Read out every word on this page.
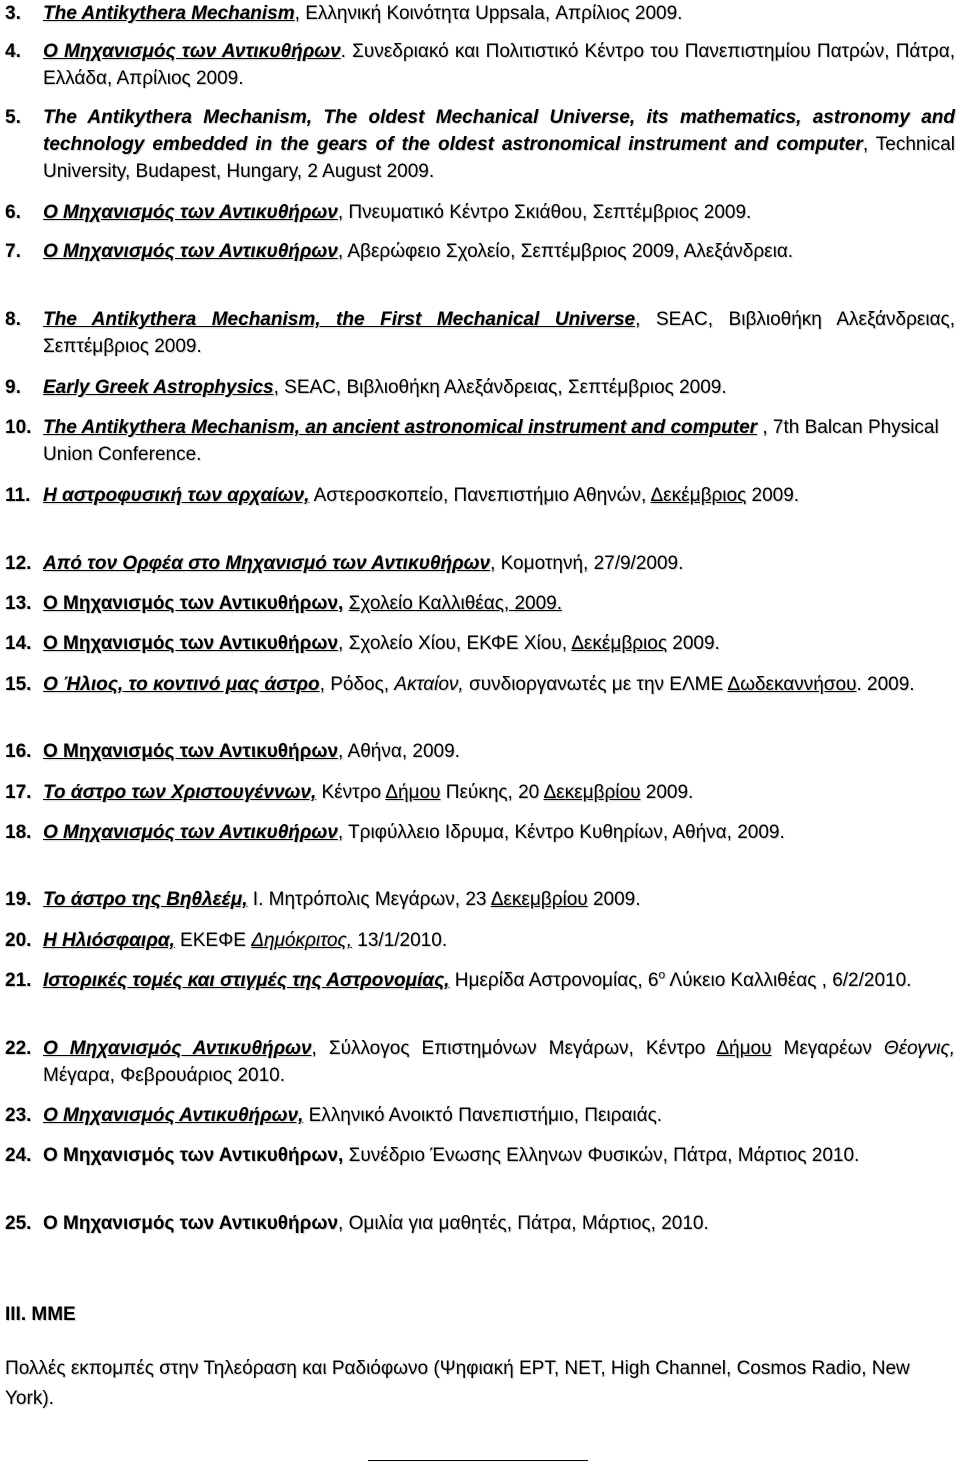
3. The Antikythera Mechanism, Ελληνική Κοινότητα Uppsala, Απρίλιος 2009.
4. Ο Μηχανισμός των Αντικυθήρων. Συνεδριακό και Πολιτιστικό Κέντρο του Πανεπιστημίου Πατρών, Πάτρα, Ελλάδα, Απρίλιος 2009.
5. The Antikythera Mechanism, The oldest Mechanical Universe, its mathematics, astronomy and technology embedded in the gears of the oldest astronomical instrument and computer, Technical University, Budapest, Hungary, 2 August 2009.
6. Ο Μηχανισμός των Αντικυθήρων, Πνευματικό Κέντρο Σκιάθου, Σεπτέμβριος 2009.
7. Ο Μηχανισμός των Αντικυθήρων, Αβερώφειο Σχολείο, Σεπτέμβριος 2009, Αλεξάνδρεια.
8. The Antikythera Mechanism, the First Mechanical Universe, SEAC, Βιβλιοθήκη Αλεξάνδρειας, Σεπτέμβριος 2009.
9. Early Greek Astrophysics, SEAC, Βιβλιοθήκη Αλεξάνδρειας, Σεπτέμβριος 2009.
10. The Antikythera Mechanism, an ancient astronomical instrument and computer , 7th Balcan Physical Union Conference.
11. Η αστροφυσική των αρχαίων, Αστεροσκοπείο, Πανεπιστήμιο Αθηνών, Δεκέμβριος 2009.
12. Από τον Ορφέα στο Μηχανισμό των Αντικυθήρων, Κομοτηνή, 27/9/2009.
13. Ο Μηχανισμός των Αντικυθήρων, Σχολείο Καλλιθέας, 2009.
14. Ο Μηχανισμός των Αντικυθήρων, Σχολείο Χίου, ΕΚΦΕ Χίου, Δεκέμβριος 2009.
15. Ο Ήλιος, το κοντινό μας άστρο, Ρόδος, Ακταίον, συνδιοργανωτές με την ΕΛΜΕ Δωδεκαννήσου. 2009.
16. Ο Μηχανισμός των Αντικυθήρων, Αθήνα, 2009.
17. Το άστρο των Χριστουγέννων, Κέντρο Δήμου Πεύκης, 20 Δεκεμβρίου 2009.
18. Ο Μηχανισμός των Αντικυθήρων, Τριφύλλειο Ιδρυμα, Κέντρο Κυθηρίων, Αθήνα, 2009.
19. Το άστρο της Βηθλεέμ, Ι. Μητρόπολις Μεγάρων, 23 Δεκεμβρίου 2009.
20. Η Ηλιόσφαιρα, ΕΚΕΦΕ Δημόκριτος, 13/1/2010.
21. Ιστορικές τομές και στιγμές της Αστρονομίας, Ημερίδα Αστρονομίας, $6^o$ Λύκειο Καλλιθέας , 6/2/2010.
22. Ο Μηχανισμός Αντικυθήρων, Σύλλογος Επιστημόνων Μεγάρων, Κέντρο Δήμου Μεγαρέων Θέογνις, Μέγαρα, Φεβρουάριος 2010.
23. Ο Μηχανισμός Αντικυθήρων, Ελληνικό Ανοικτό Πανεπιστήμιο, Πειραιάς.
24. Ο Μηχανισμός των Αντικυθήρων, Συνέδριο Ένωσης Ελληνων Φυσικών, Πάτρα, Μάρτιος 2010.
25. Ο Μηχανισμός των Αντικυθήρων, Ομιλία για μαθητές, Πάτρα, Μάρτιος, 2010.
III. ΜΜΕ
Πολλές εκπομπές στην Τηλεόραση και Ραδιόφωνο (Ψηφιακή ΕΡΤ, ΝΕΤ, High Channel, Cosmos Radio, New York).
